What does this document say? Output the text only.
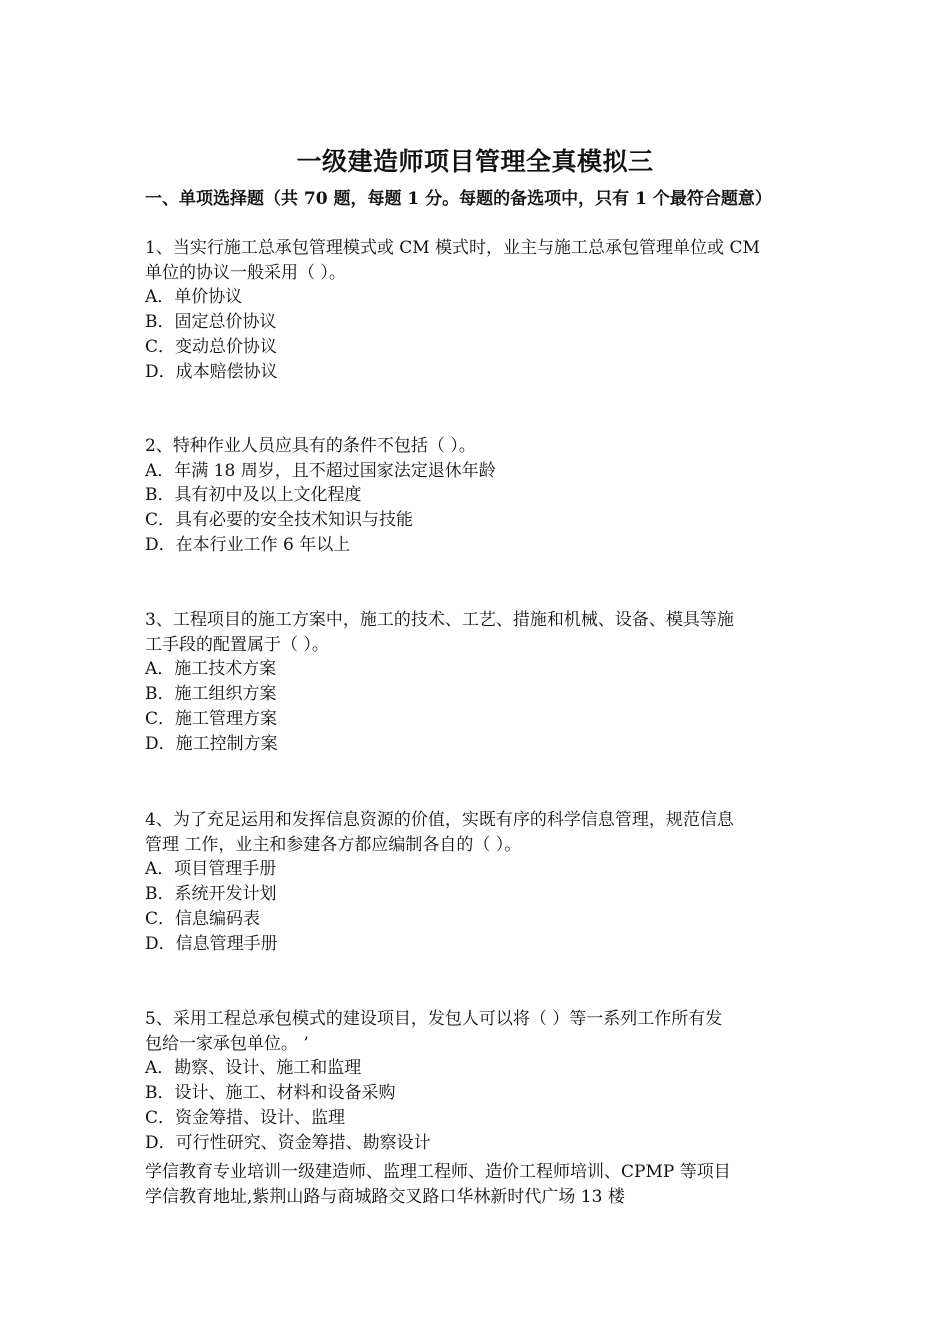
一级建造师项目管理全真模拟三
一、单项选择题（共 70 题，每题 1 分。每题的备选项中，只有 1 个最符合题意）
1、当实行施工总承包管理模式或 CM 模式时，业主与施工总承包管理单位或 CM
单位的协议一般采用（ ）。
A．单价协议
B．固定总价协议
C．变动总价协议
D．成本赔偿协议
2、特种作业人员应具有的条件不包括（ ）。
A．年满 18 周岁，且不超过国家法定退休年龄
B．具有初中及以上文化程度
C．具有必要的安全技术知识与技能
D．在本行业工作 6 年以上
3、工程项目的施工方案中，施工的技术、工艺、措施和机械、设备、模具等施
工手段的配置属于（ ）。
A．施工技术方案
B．施工组织方案
C．施工管理方案
D．施工控制方案
4、为了充足运用和发挥信息资源的价值，实既有序的科学信息管理，规范信息
管理 工作，业主和参建各方都应编制各自的（ ）。
A．项目管理手册
B．系统开发计划
C．信息编码表
D．信息管理手册
5、采用工程总承包模式的建设项目，发包人可以将（ ）等一系列工作所有发
包给一家承包单位。 ’
A．勘察、设计、施工和监理
B．设计、施工、材料和设备采购
C．资金筹措、设计、监理
D．可行性研究、资金筹措、勘察设计
学信教育专业培训一级建造师、监理工程师、造价工程师培训、CPMP 等项目
学信教育地址,紫荆山路与商城路交叉路口华林新时代广场 13 楼
